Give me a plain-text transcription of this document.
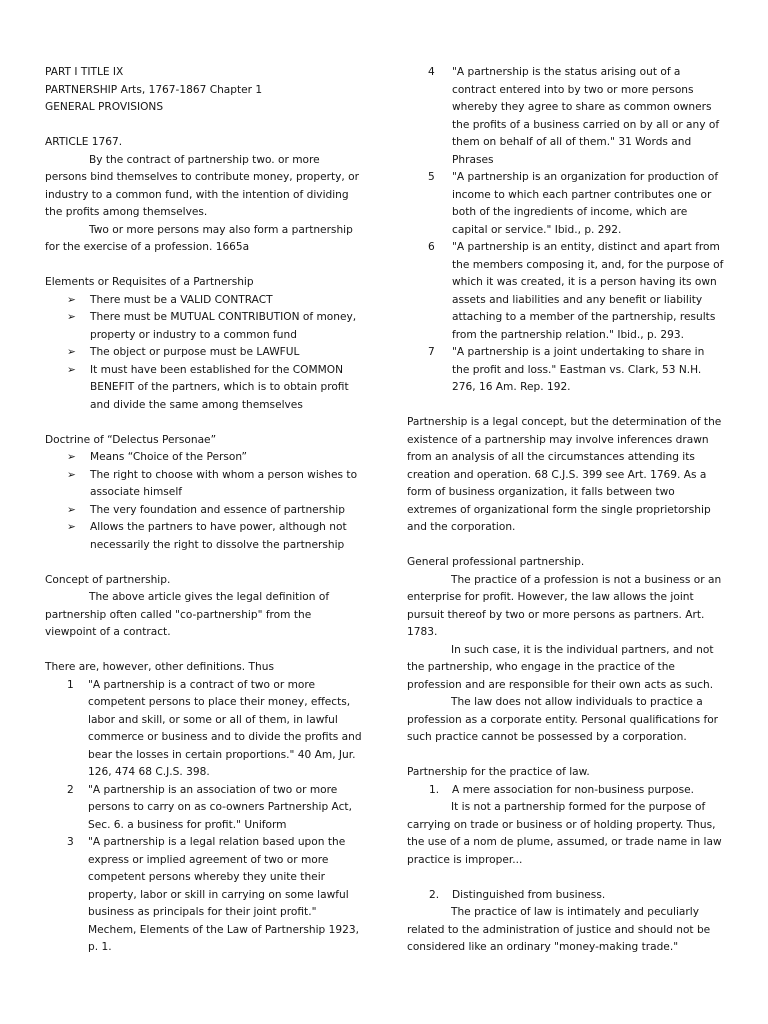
PART I TITLE IX

PARTNERSHIP Arts, 1767-1867 Chapter 1

GENERAL PROVISIONS

ARTICLE 1767.

By the contract of partnership two. or more persons bind themselves to contribute money, property, or industry to a common fund, with the intention of dividing the profits among themselves.

Two or more persons may also form a partnership for the exercise of a profession. 1665a

Elements or Requisites of a Partnership

➢ There must be a VALID CONTRACT
➢ There must be MUTUAL CONTRIBUTION of money, property or industry to a common fund
➢ The object or purpose must be LAWFUL
➢ It must have been established for the COMMON BENEFIT of the partners, which is to obtain profit and divide the same among themselves

Doctrine of “Delectus Personae”

➢ Means “Choice of the Person”
➢ The right to choose with whom a person wishes to associate himself
➢ The very foundation and essence of partnership
➢ Allows the partners to have power, although not necessarily the right to dissolve the partnership

Concept of partnership.

The above article gives the legal definition of partnership often called "co-partnership" from the viewpoint of a contract.

There are, however, other definitions. Thus

1 "A partnership is a contract of two or more competent persons to place their money, effects, labor and skill, or some or all of them, in lawful commerce or business and to divide the profits and bear the losses in certain proportions." 40 Am, Jur. 126, 474 68 C.J.S. 398.
2 "A partnership is an association of two or more persons to carry on as co-owners Partnership Act, Sec. 6. a business for profit." Uniform
3 "A partnership is a legal relation based upon the express or implied agreement of two or more competent persons whereby they unite their property, labor or skill in carrying on some lawful business as principals for their joint profit." Mechem, Elements of the Law of Partnership 1923, p. 1.
4 "A partnership is the status arising out of a contract entered into by two or more persons whereby they agree to share as common owners the profits of a business carried on by all or any of them on behalf of all of them." 31 Words and Phrases
5 "A partnership is an organization for production of income to which each partner contributes one or both of the ingredients of income, which are capital or service." Ibid., p. 292.
6 "A partnership is an entity, distinct and apart from the members composing it, and, for the purpose of which it was created, it is a person having its own assets and liabilities and any benefit or liability attaching to a member of the partnership, results from the partnership relation." Ibid., p. 293.
7 "A partnership is a joint undertaking to share in the profit and loss." Eastman vs. Clark, 53 N.H. 276, 16 Am. Rep. 192.

Partnership is a legal concept, but the determination of the existence of a partnership may involve inferences drawn from an analysis of all the circumstances attending its creation and operation. 68 C.J.S. 399 see Art. 1769. As a form of business organization, it falls between two extremes of organizational form the single proprietorship and the corporation.

General professional partnership.

The practice of a profession is not a business or an enterprise for profit. However, the law allows the joint pursuit thereof by two or more persons as partners. Art. 1783.

In such case, it is the individual partners, and not the partnership, who engage in the practice of the profession and are responsible for their own acts as such.

The law does not allow individuals to practice a profession as a corporate entity. Personal qualifications for such practice cannot be possessed by a corporation.

Partnership for the practice of law.

1. A mere association for non-business purpose.

It is not a partnership formed for the purpose of carrying on trade or business or of holding property. Thus, the use of a nom de plume, assumed, or trade name in law practice is improper...

2. Distinguished from business.

The practice of law is intimately and peculiarly related to the administration of justice and should not be considered like an ordinary "money-making trade."
